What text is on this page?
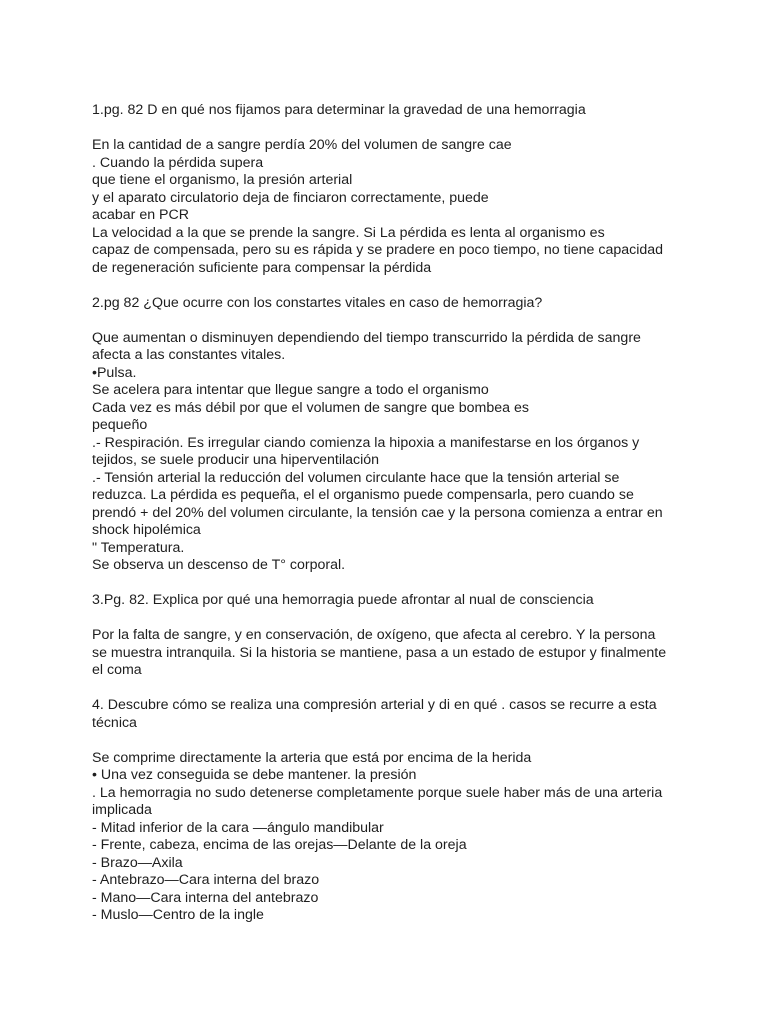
1.pg. 82 D en qué nos fijamos para determinar la gravedad de una hemorragia
En la cantidad de a sangre perdía 20% del volumen de sangre cae
. Cuando la pérdida supera
que tiene el organismo, la presión arterial
y el aparato circulatorio deja de finciaron correctamente, puede
acabar en PCR
La velocidad a la que se prende la sangre. Si La pérdida es lenta al organismo es
capaz de compensada, pero su es rápida y se pradere en poco tiempo, no tiene capacidad
de regeneración suficiente para compensar la pérdida
2.pg 82 ¿Que ocurre con los constartes vitales en caso de hemorragia?
Que aumentan o disminuyen dependiendo del tiempo transcurrido la pérdida de sangre
afecta a las constantes vitales.
•Pulsa.
Se acelera para intentar que llegue sangre a todo el organismo
Cada vez es más débil por que el volumen de sangre que bombea es
pequeño
.- Respiración. Es irregular ciando comienza la hipoxia a manifestarse en los órganos y
tejidos, se suele producir una hiperventilación
.- Tensión arterial la reducción del volumen circulante hace que la tensión arterial se
reduzca. La pérdida es pequeña, el el organismo puede compensarla, pero cuando se
prendó + del 20% del volumen circulante, la tensión cae y la persona comienza a entrar en
shock hipolémica
" Temperatura.
Se observa un descenso de T° corporal.
3.Pg. 82. Explica por qué una hemorragia puede afrontar al nual de consciencia
Por la falta de sangre, y en conservación, de oxígeno, que afecta al cerebro. Y la persona
se muestra intranquila. Si la historia se mantiene, pasa a un estado de estupor y finalmente
el coma
4. Descubre cómo se realiza una compresión arterial y di en qué . casos se recurre a esta
técnica
Se comprime directamente la arteria que está por encima de la herida
• Una vez conseguida se debe mantener. la presión
. La hemorragia no sudo detenerse completamente porque suele haber más de una arteria
implicada
- Mitad inferior de la cara —ángulo mandibular
- Frente, cabeza, encima de las orejas—Delante de la oreja
- Brazo—Axila
- Antebrazo—Cara interna del brazo
- Mano—Cara interna del antebrazo
- Muslo—Centro de la ingle
